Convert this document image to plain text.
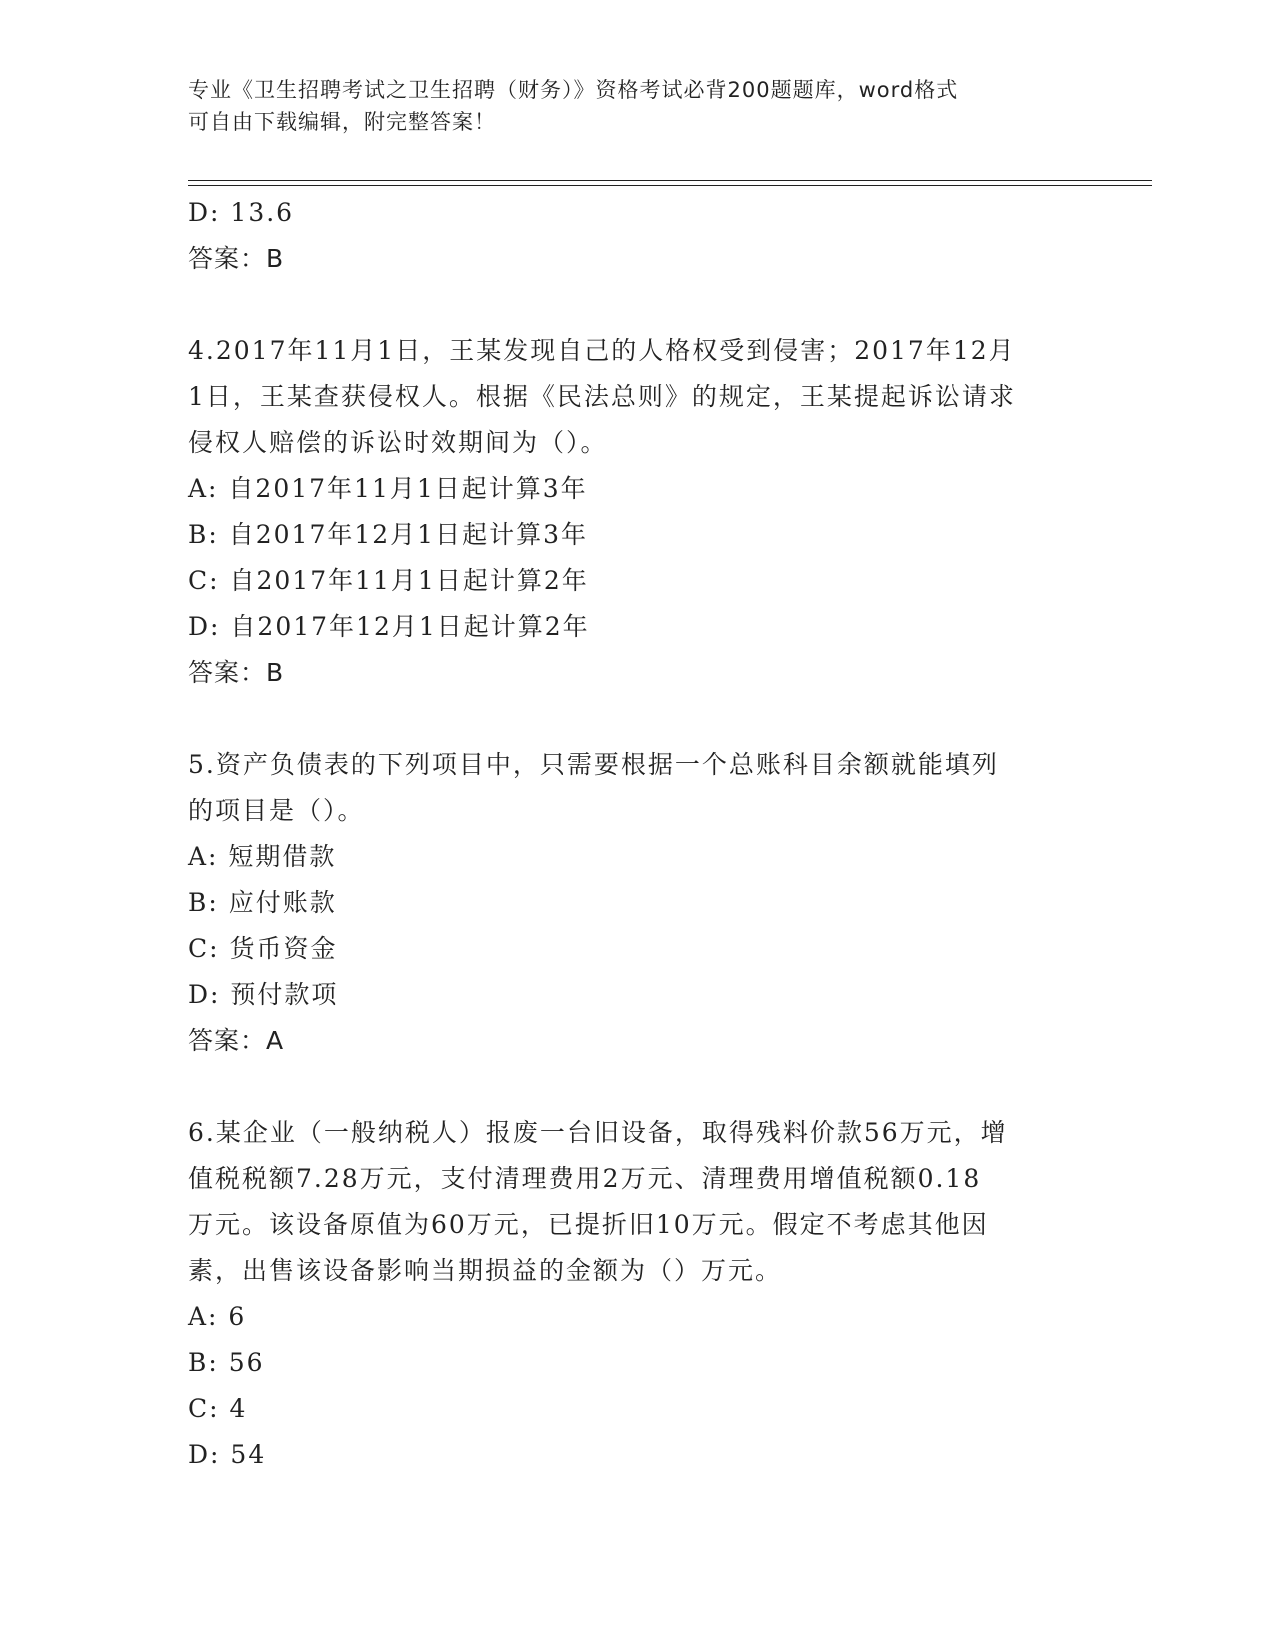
专业《卫生招聘考试之卫生招聘（财务）》资格考试必背200题题库，word格式
可自由下载编辑，附完整答案！
D: 13.6
答案：B
4.2017年11月1日，王某发现自己的人格权受到侵害；2017年12月
1日，王某查获侵权人。根据《民法总则》的规定，王某提起诉讼请求
侵权人赔偿的诉讼时效期间为（）。
A: 自2017年11月1日起计算3年
B: 自2017年12月1日起计算3年
C: 自2017年11月1日起计算2年
D: 自2017年12月1日起计算2年
答案：B
5.资产负债表的下列项目中，只需要根据一个总账科目余额就能填列
的项目是（）。
A: 短期借款
B: 应付账款
C: 货币资金
D: 预付款项
答案：A
6.某企业（一般纳税人）报废一台旧设备，取得残料价款56万元，增
值税税额7.28万元，支付清理费用2万元、清理费用增值税额0.18
万元。该设备原值为60万元，已提折旧10万元。假定不考虑其他因
素，出售该设备影响当期损益的金额为（）万元。
A: 6
B: 56
C: 4
D: 54
